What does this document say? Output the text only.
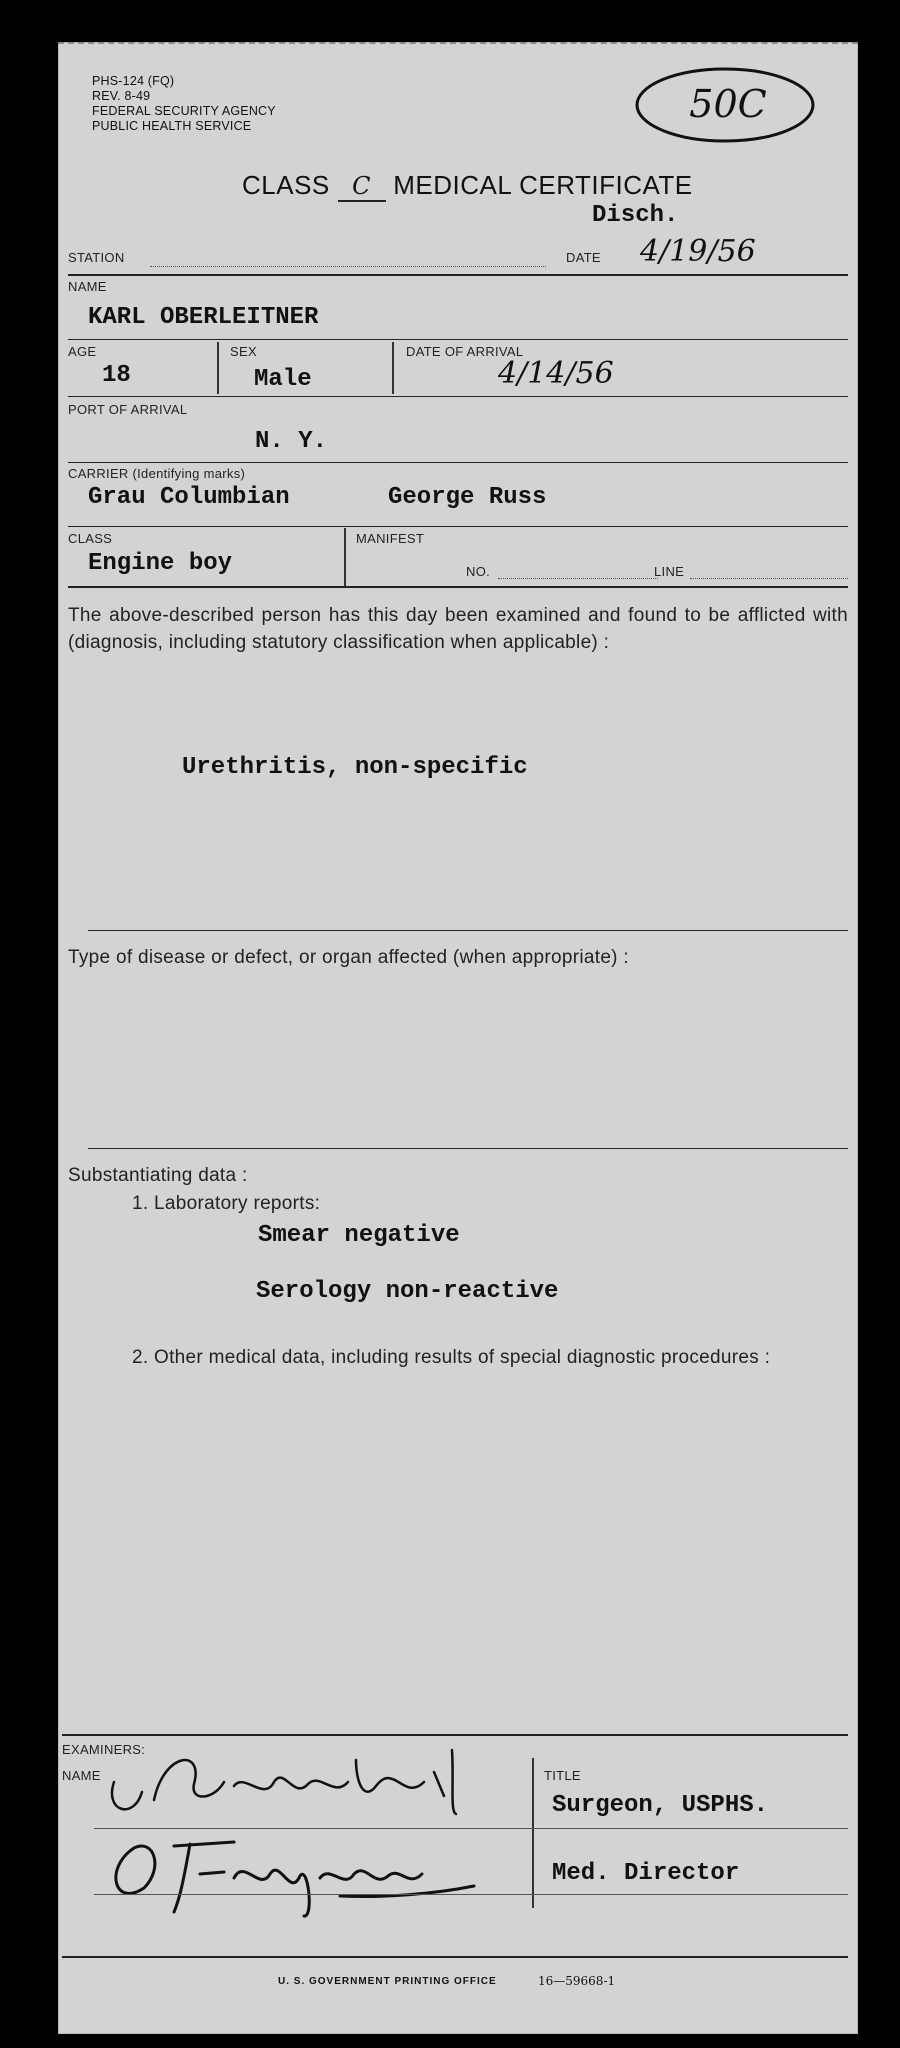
PHS-124 (FQ)
REV. 8-49
FEDERAL SECURITY AGENCY
PUBLIC HEALTH SERVICE	50C
CLASS C MEDICAL CERTIFICATE
Disch.
STATION	DATE 4/19/56
NAME
KARL OBERLEITNER
AGE
18
SEX
Male
DATE OF ARRIVAL
4/14/56
PORT OF ARRIVAL
N. Y.
CARRIER (Identifying marks)
Grau Columbian	George Russ
CLASS
Engine boy
MANIFEST
NO.	LINE
The above-described person has this day been examined and found to be afflicted with (diagnosis, including statutory classification when applicable) :
Urethritis, non-specific
Type of disease or defect, or organ affected (when appropriate) :
Substantiating data :
1. Laboratory reports:
Smear negative
Serology non-reactive
2. Other medical data, including results of special diagnostic procedures :
EXAMINERS:
NAME	TITLE
Surgeon, USPHS.
Med. Director
U. S. GOVERNMENT PRINTING OFFICE	16—59668-1
